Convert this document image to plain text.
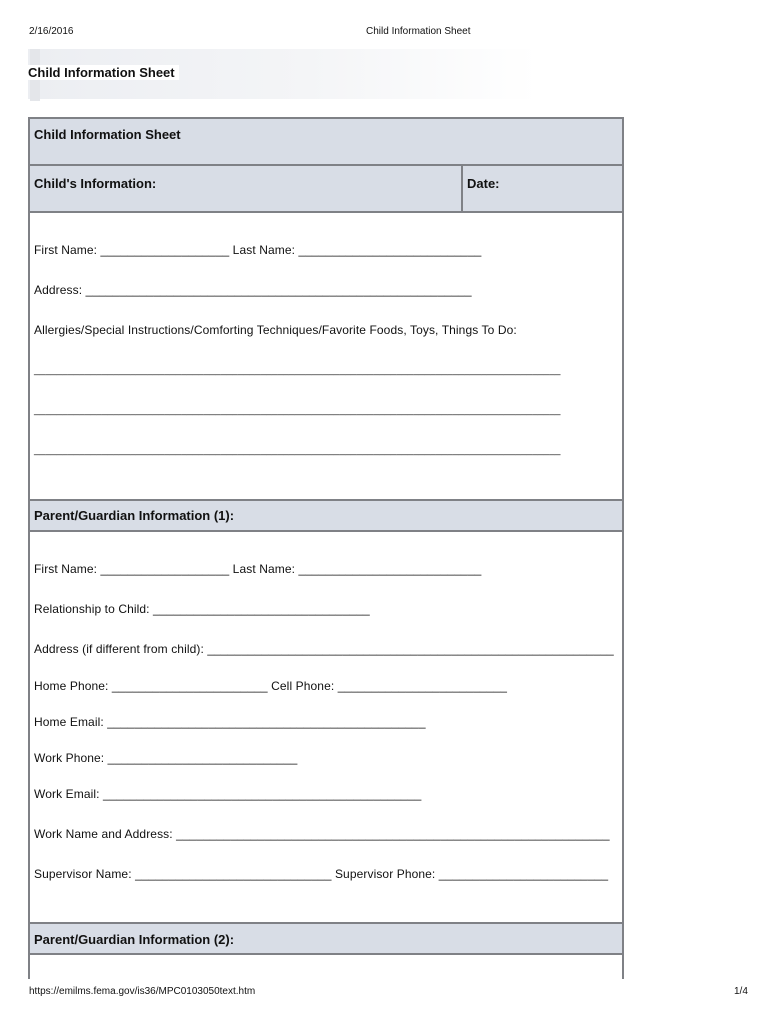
2/16/2016	Child Information Sheet
Child Information Sheet
Child Information Sheet
Child's Information:	Date:
First Name: ___________________ Last Name: ___________________________
Address: _________________________________________________________
Allergies/Special Instructions/Comforting Techniques/Favorite Foods, Toys, Things To Do:
_____________________________________________________________________________________________
_____________________________________________________________________________________________
_____________________________________________________________________________________________
Parent/Guardian Information (1):
First Name: ___________________ Last Name: ___________________________
Relationship to Child: ________________________________
Address (if different from child): ____________________________________________________________
Home Phone: _______________________ Cell Phone: _________________________
Home Email: _______________________________________________
Work Phone: ____________________________
Work Email: _______________________________________________
Work Name and Address: ________________________________________________________________
Supervisor Name: _____________________________ Supervisor Phone: _________________________
Parent/Guardian Information (2):
https://emilms.fema.gov/is36/MPC0103050text.htm	1/4
